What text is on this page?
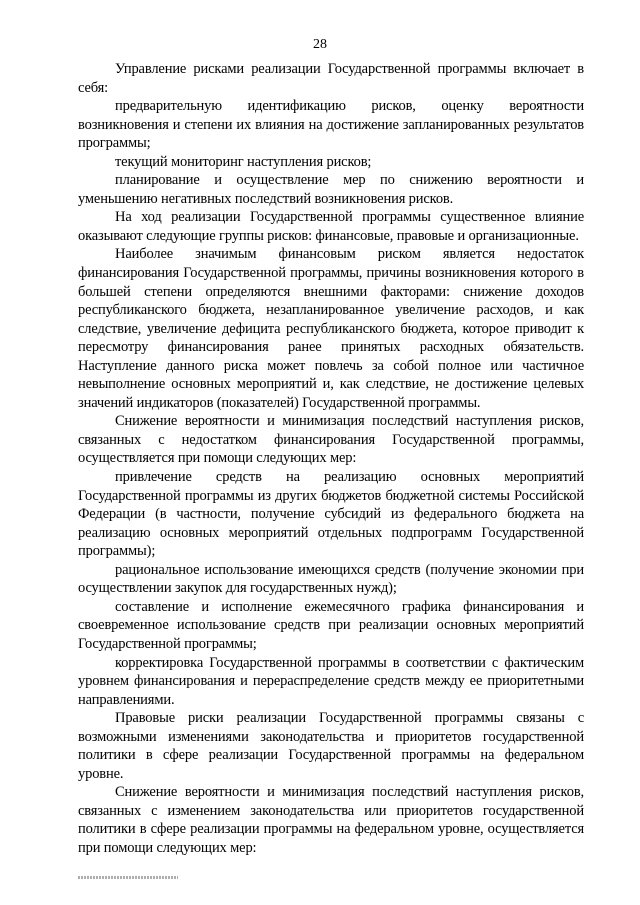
28

Управление рисками реализации Государственной программы включает в себя:

предварительную идентификацию рисков, оценку вероятности возникновения и степени их влияния на достижение запланированных результатов программы;

текущий мониторинг наступления рисков;

планирование и осуществление мер по снижению вероятности и уменьшению негативных последствий возникновения рисков.

На ход реализации Государственной программы существенное влияние оказывают следующие группы рисков: финансовые, правовые и организационные.

Наиболее значимым финансовым риском является недостаток финансирования Государственной программы, причины возникновения которого в большей степени определяются внешними факторами: снижение доходов республиканского бюджета, незапланированное увеличение расходов, и как следствие, увеличение дефицита республиканского бюджета, которое приводит к пересмотру финансирования ранее принятых расходных обязательств. Наступление данного риска может повлечь за собой полное или частичное невыполнение основных мероприятий и, как следствие, не достижение целевых значений индикаторов (показателей) Государственной программы.

Снижение вероятности и минимизация последствий наступления рисков, связанных с недостатком финансирования Государственной программы, осуществляется при помощи следующих мер:

привлечение средств на реализацию основных мероприятий Государственной программы из других бюджетов бюджетной системы Российской Федерации (в частности, получение субсидий из федерального бюджета на реализацию основных мероприятий отдельных подпрограмм Государственной программы);

рациональное использование имеющихся средств (получение экономии при осуществлении закупок для государственных нужд);

составление и исполнение ежемесячного графика финансирования и своевременное использование средств при реализации основных мероприятий Государственной программы;

корректировка Государственной программы в соответствии с фактическим уровнем финансирования и перераспределение средств между ее приоритетными направлениями.

Правовые риски реализации Государственной программы связаны с возможными изменениями законодательства и приоритетов государственной политики в сфере реализации Государственной программы на федеральном уровне.

Снижение вероятности и минимизация последствий наступления рисков, связанных с изменением законодательства или приоритетов государственной политики в сфере реализации программы на федеральном уровне, осуществляется при помощи следующих мер:
